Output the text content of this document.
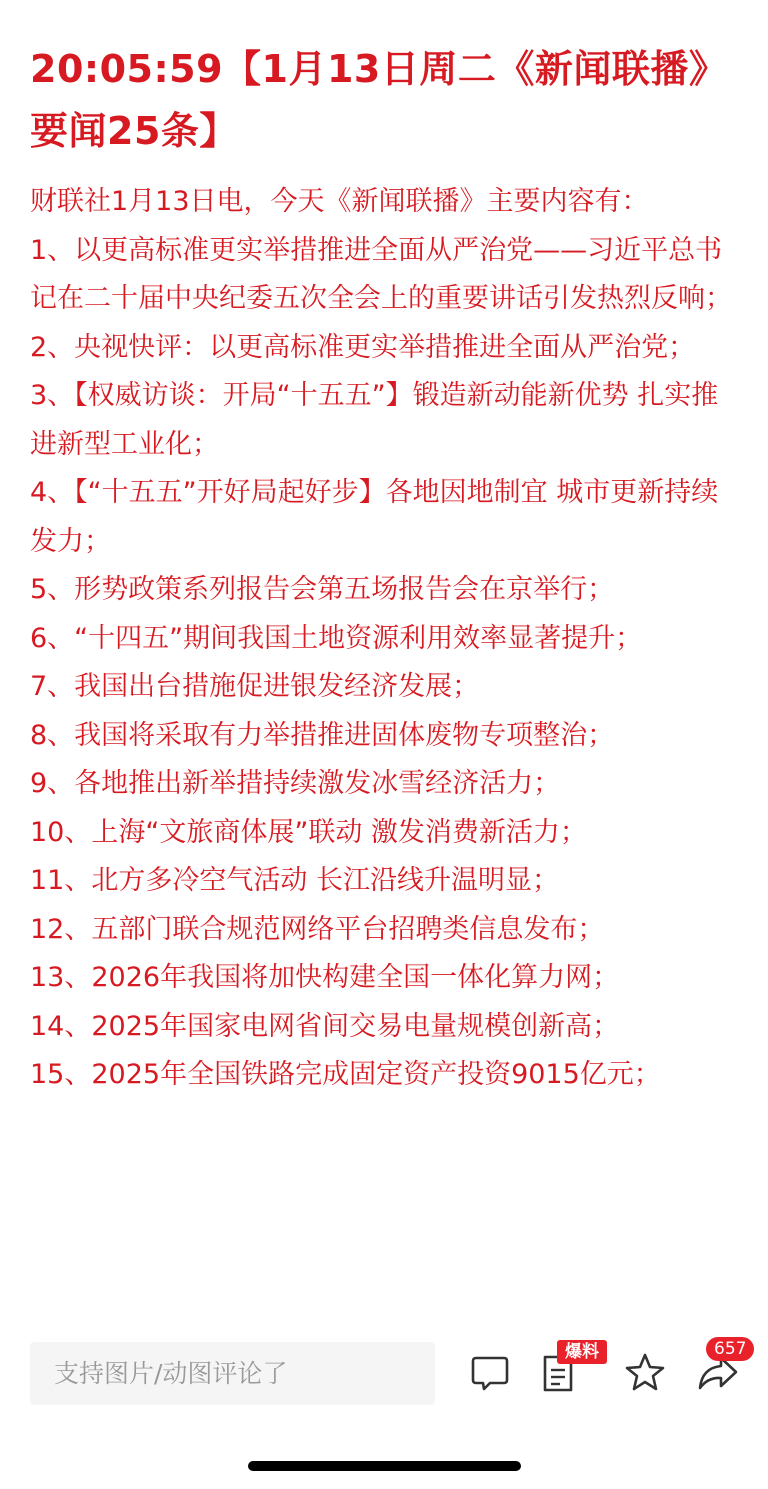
20:05:59【1月13日周二《新闻联播》要闻25条】

财联社1月13日电，今天《新闻联播》主要内容有：

1、以更高标准更实举措推进全面从严治党——习近平总书记在二十届中央纪委五次全会上的重要讲话引发热烈反响；

2、央视快评：以更高标准更实举措推进全面从严治党；

3、【权威访谈：开局“十五五”】锻造新动能新优势 扎实推进新型工业化；

4、【“十五五”开好局起好步】各地因地制宜 城市更新持续发力；

5、形势政策系列报告会第五场报告会在京举行；

6、“十四五”期间我国土地资源利用效率显著提升；

7、我国出台措施促进银发经济发展；

8、我国将采取有力举措推进固体废物专项整治；

9、各地推出新举措持续激发冰雪经济活力；

10、上海“文旅商体展”联动 激发消费新活力；

11、北方多冷空气活动 长江沿线升温明显；

12、五部门联合规范网络平台招聘类信息发布；

13、2026年我国将加快构建全国一体化算力网；

14、2025年国家电网省间交易电量规模创新高；

15、2025年全国铁路完成固定资产投资9015亿元；

支持图片/动图评论了
爆料	657
